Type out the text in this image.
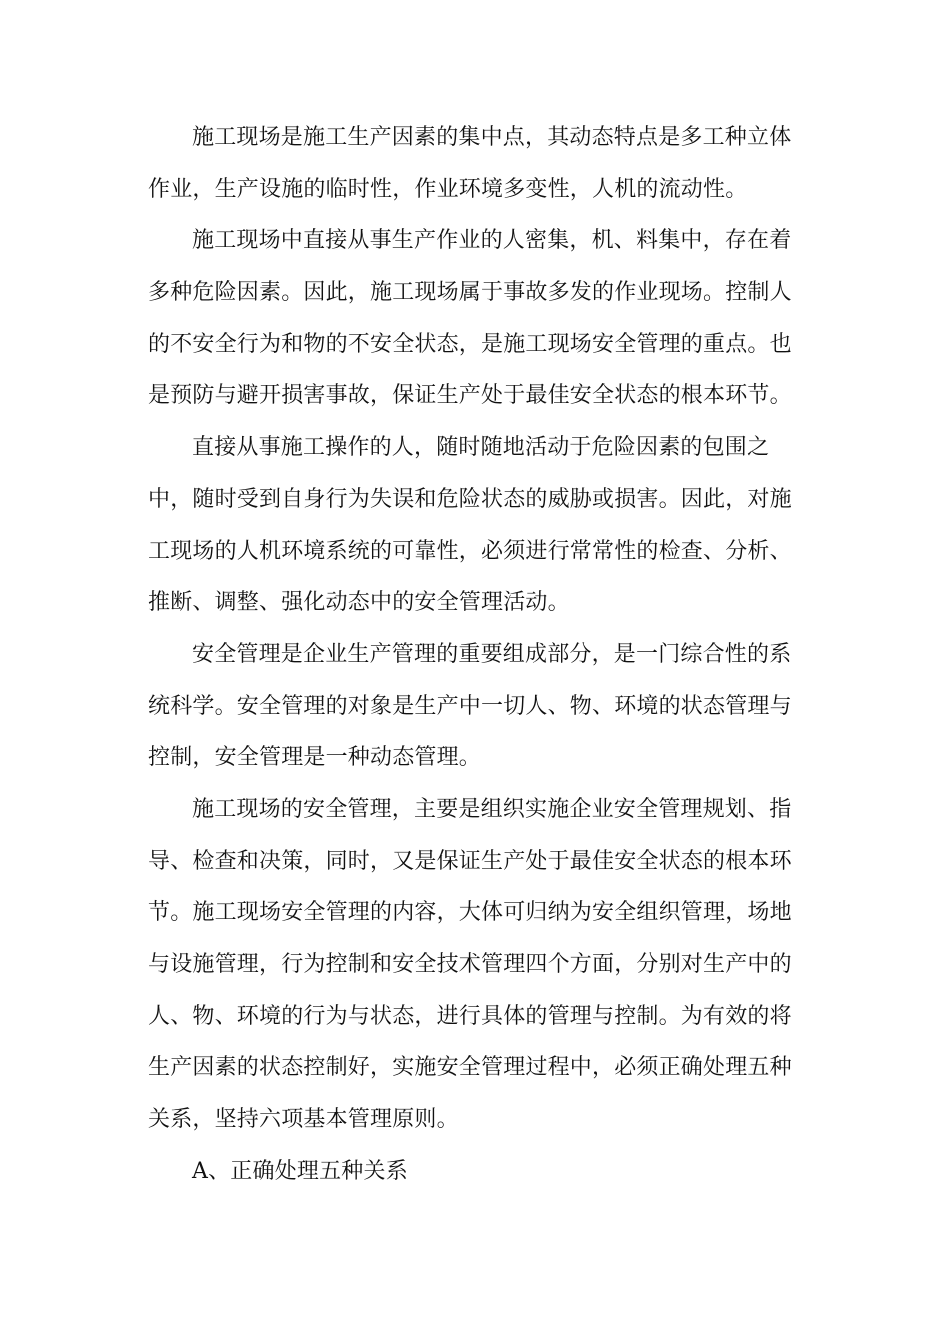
施工现场是施工生产因素的集中点，其动态特点是多工种立体
作业，生产设施的临时性，作业环境多变性，人机的流动性。
施工现场中直接从事生产作业的人密集，机、料集中，存在着
多种危险因素。因此，施工现场属于事故多发的作业现场。控制人
的不安全行为和物的不安全状态，是施工现场安全管理的重点。也
是预防与避开损害事故，保证生产处于最佳安全状态的根本环节。
直接从事施工操作的人，随时随地活动于危险因素的包围之
中，随时受到自身行为失误和危险状态的威胁或损害。因此，对施
工现场的人机环境系统的可靠性，必须进行常常性的检查、分析、
推断、调整、强化动态中的安全管理活动。
安全管理是企业生产管理的重要组成部分，是一门综合性的系
统科学。安全管理的对象是生产中一切人、物、环境的状态管理与
控制，安全管理是一种动态管理。
施工现场的安全管理，主要是组织实施企业安全管理规划、指
导、检查和决策，同时，又是保证生产处于最佳安全状态的根本环
节。施工现场安全管理的内容，大体可归纳为安全组织管理，场地
与设施管理，行为控制和安全技术管理四个方面，分别对生产中的
人、物、环境的行为与状态，进行具体的管理与控制。为有效的将
生产因素的状态控制好，实施安全管理过程中，必须正确处理五种
关系，坚持六项基本管理原则。
A、正确处理五种关系
